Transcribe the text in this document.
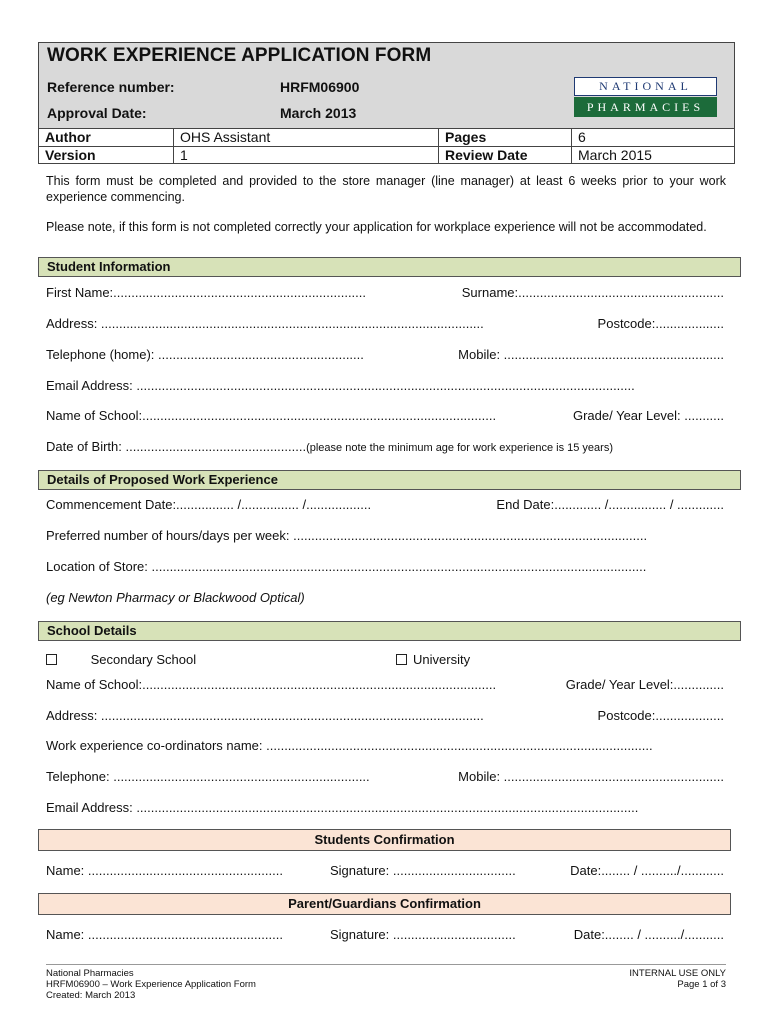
WORK EXPERIENCE APPLICATION FORM
Reference number:	HRFM06900
Approval Date:	March 2013
NATIONAL
PHARMACIES
Author	OHS Assistant	Pages	6
Version	1	Review Date	March 2015
This form must be completed and provided to the store manager (line manager) at least 6 weeks prior to your work experience commencing.
Please note, if this form is not completed correctly your application for workplace experience will not be accommodated.
Student Information
First Name:......................................................................	Surname:.........................................................
Address: ..........................................................................................................	Postcode:...................
Telephone (home): .........................................................	Mobile: .............................................................
Email Address: ..........................................................................................................................................
Name of School:..................................................................................................	Grade/ Year Level: ...........
Date of Birth: ..................................................(please note the minimum age for work experience is 15 years)
Details of Proposed Work Experience
Commencement Date:................ /................ /..................	End Date:............. /................ / .............
Preferred number of hours/days per week: ..................................................................................................
Location of Store: .........................................................................................................................................
(eg Newton Pharmacy or Blackwood Optical)
School Details
Secondary School	University
Name of School:..................................................................................................	Grade/ Year Level:..............
Address: ..........................................................................................................	Postcode:...................
Work experience co-ordinators name: ...........................................................................................................
Telephone: .......................................................................	Mobile: .............................................................
Email Address: ...........................................................................................................................................
Students Confirmation
Name: ......................................................	Signature: ..................................	Date:........ / ........../............
Parent/Guardians Confirmation
Name: ......................................................	Signature: ..................................	Date:........ / ........../...........
National Pharmacies
HRFM06900 – Work Experience Application Form
Created: March 2013
INTERNAL USE ONLY
Page 1 of 3
